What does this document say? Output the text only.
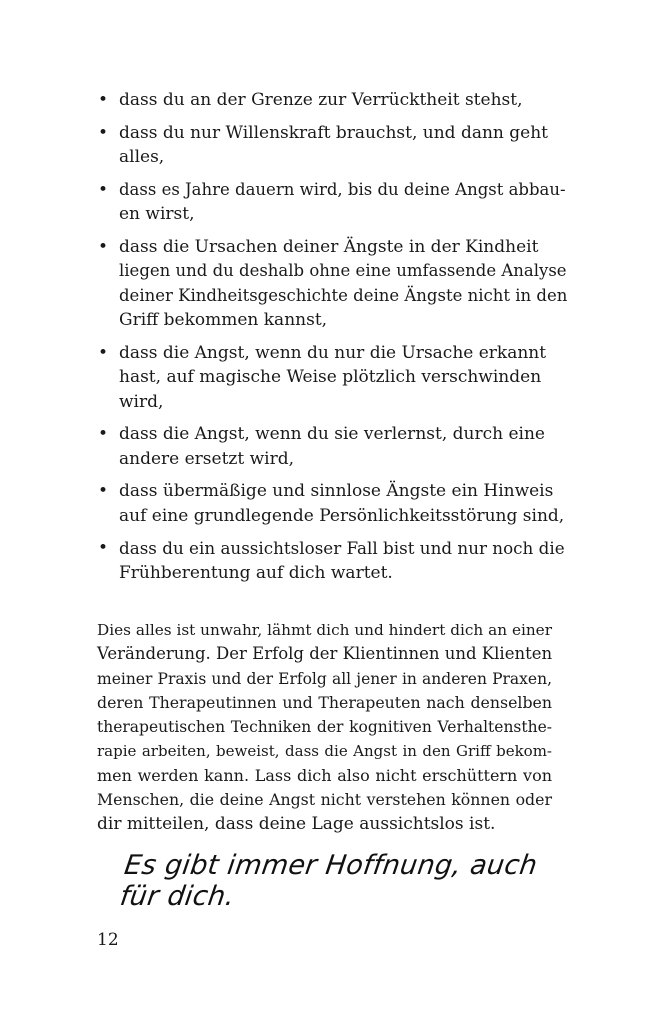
• dass du an der Grenze zur Verrücktheit stehst,
• dass du nur Willenskraft brauchst, und dann geht
alles,
• dass es Jahre dauern wird, bis du deine Angst abbau-
en wirst,
• dass die Ursachen deiner Ängste in der Kindheit
liegen und du deshalb ohne eine umfassende Analyse
deiner Kindheitsgeschichte deine Ängste nicht in den
Griff bekommen kannst,
• dass die Angst, wenn du nur die Ursache erkannt
hast, auf magische Weise plötzlich verschwinden
wird,
• dass die Angst, wenn du sie verlernst, durch eine
andere ersetzt wird,
• dass übermäßige und sinnlose Ängste ein Hinweis
auf eine grundlegende Persönlichkeitsstörung sind,
• dass du ein aussichtsloser Fall bist und nur noch die
Frühberentung auf dich wartet.
Dies alles ist unwahr, lähmt dich und hindert dich an einer
Veränderung. Der Erfolg der Klientinnen und Klienten
meiner Praxis und der Erfolg all jener in anderen Praxen,
deren Therapeutinnen und Therapeuten nach denselben
therapeutischen Techniken der kognitiven Verhaltensthe-
rapie arbeiten, beweist, dass die Angst in den Griff bekom-
men werden kann. Lass dich also nicht erschüttern von
Menschen, die deine Angst nicht verstehen können oder
dir mitteilen, dass deine Lage aussichtslos ist.
Es gibt immer Hoffnung, auch für dich.
12
